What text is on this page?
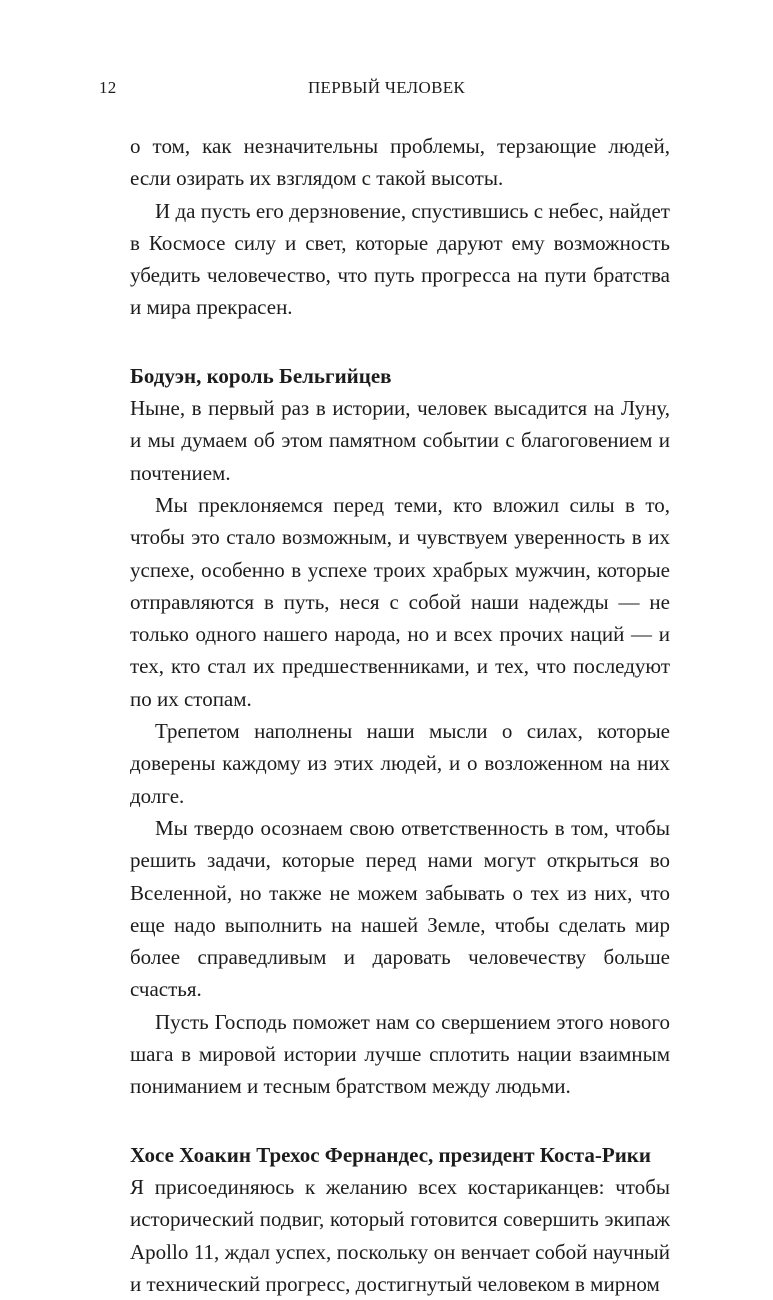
12	ПЕРВЫЙ ЧЕЛОВЕК

о том, как незначительны проблемы, терзающие людей, если озирать их взглядом с такой высоты.

И да пусть его дерзновение, спустившись с небес, найдет в Космосе силу и свет, которые даруют ему возможность убедить человечество, что путь прогресса на пути братства и мира прекрасен.

Бодуэн, король Бельгийцев

Ныне, в первый раз в истории, человек высадится на Луну, и мы думаем об этом памятном событии с благоговением и почтением.

Мы преклоняемся перед теми, кто вложил силы в то, чтобы это стало возможным, и чувствуем уверенность в их успехе, особенно в успехе троих храбрых мужчин, которые отправляются в путь, неся с собой наши надежды — не только одного нашего народа, но и всех прочих наций — и тех, кто стал их предшественниками, и тех, что последуют по их стопам.

Трепетом наполнены наши мысли о силах, которые доверены каждому из этих людей, и о возложенном на них долге.

Мы твердо осознаем свою ответственность в том, чтобы решить задачи, которые перед нами могут открыться во Вселенной, но также не можем забывать о тех из них, что еще надо выполнить на нашей Земле, чтобы сделать мир более справедливым и даровать человечеству больше счастья.

Пусть Господь поможет нам со свершением этого нового шага в мировой истории лучше сплотить нации взаимным пониманием и тесным братством между людьми.

Хосе Хоакин Трехос Фернандес, президент Коста-Рики

Я присоединяюсь к желанию всех костариканцев: чтобы исторический подвиг, который готовится совершить экипаж Apollo 11, ждал успех, поскольку он венчает собой научный и технический прогресс, достигнутый человеком в мирном
